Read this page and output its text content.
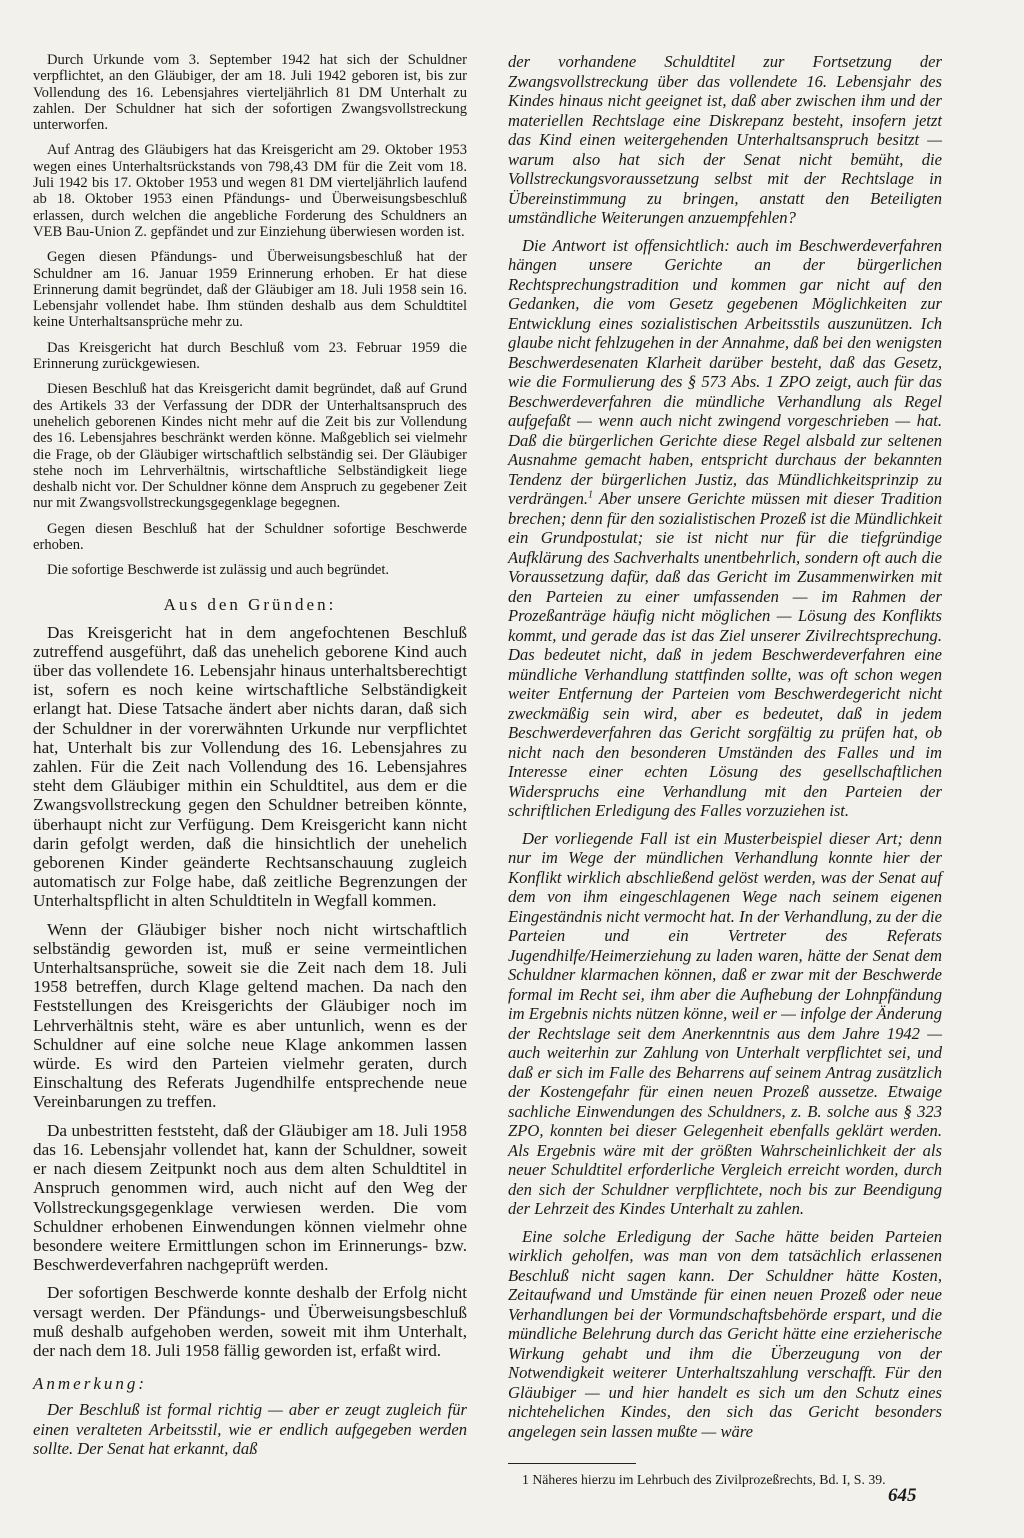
Durch Urkunde vom 3. September 1942 hat sich der Schuldner verpflichtet, an den Gläubiger, der am 18. Juli 1942 geboren ist, bis zur Vollendung des 16. Lebensjahres vierteljährlich 81 DM Unterhalt zu zahlen. Der Schuldner hat sich der sofortigen Zwangsvollstreckung unterworfen.

Auf Antrag des Gläubigers hat das Kreisgericht am 29. Oktober 1953 wegen eines Unterhaltsrückstands von 798,43 DM für die Zeit vom 18. Juli 1942 bis 17. Oktober 1953 und wegen 81 DM vierteljährlich laufend ab 18. Oktober 1953 einen Pfändungs- und Überweisungsbeschluß erlassen, durch welchen die angebliche Forderung des Schuldners an VEB Bau-Union Z. gepfändet und zur Einziehung überwiesen worden ist.

Gegen diesen Pfändungs- und Überweisungsbeschluß hat der Schuldner am 16. Januar 1959 Erinnerung erhoben. Er hat diese Erinnerung damit begründet, daß der Gläubiger am 18. Juli 1958 sein 16. Lebensjahr vollendet habe. Ihm stünden deshalb aus dem Schuldtitel keine Unterhaltsansprüche mehr zu.

Das Kreisgericht hat durch Beschluß vom 23. Februar 1959 die Erinnerung zurückgewiesen.

Diesen Beschluß hat das Kreisgericht damit begründet, daß auf Grund des Artikels 33 der Verfassung der DDR der Unterhaltsanspruch des unehelich geborenen Kindes nicht mehr auf die Zeit bis zur Vollendung des 16. Lebensjahres beschränkt werden könne. Maßgeblich sei vielmehr die Frage, ob der Gläubiger wirtschaftlich selbständig sei. Der Gläubiger stehe noch im Lehrverhältnis, wirtschaftliche Selbständigkeit liege deshalb nicht vor. Der Schuldner könne dem Anspruch zu gegebener Zeit nur mit Zwangsvollstreckungsgegenklage begegnen.

Gegen diesen Beschluß hat der Schuldner sofortige Beschwerde erhoben.

Die sofortige Beschwerde ist zulässig und auch begründet.

Aus den Gründen:

Das Kreisgericht hat in dem angefochtenen Beschluß zutreffend ausgeführt, daß das unehelich geborene Kind auch über das vollendete 16. Lebensjahr hinaus unterhaltsberechtigt ist, sofern es noch keine wirtschaftliche Selbständigkeit erlangt hat. Diese Tatsache ändert aber nichts daran, daß sich der Schuldner in der vorerwähnten Urkunde nur verpflichtet hat, Unterhalt bis zur Vollendung des 16. Lebensjahres zu zahlen. Für die Zeit nach Vollendung des 16. Lebensjahres steht dem Gläubiger mithin ein Schuldtitel, aus dem er die Zwangsvollstreckung gegen den Schuldner betreiben könnte, überhaupt nicht zur Verfügung. Dem Kreisgericht kann nicht darin gefolgt werden, daß die hinsichtlich der unehelich geborenen Kinder geänderte Rechtsanschauung zugleich automatisch zur Folge habe, daß zeitliche Begrenzungen der Unterhaltspflicht in alten Schuldtiteln in Wegfall kommen.

Wenn der Gläubiger bisher noch nicht wirtschaftlich selbständig geworden ist, muß er seine vermeintlichen Unterhaltsansprüche, soweit sie die Zeit nach dem 18. Juli 1958 betreffen, durch Klage geltend machen. Da nach den Feststellungen des Kreisgerichts der Gläubiger noch im Lehrverhältnis steht, wäre es aber untunlich, wenn es der Schuldner auf eine solche neue Klage ankommen lassen würde. Es wird den Parteien vielmehr geraten, durch Einschaltung des Referats Jugendhilfe entsprechende neue Vereinbarungen zu treffen.

Da unbestritten feststeht, daß der Gläubiger am 18. Juli 1958 das 16. Lebensjahr vollendet hat, kann der Schuldner, soweit er nach diesem Zeitpunkt noch aus dem alten Schuldtitel in Anspruch genommen wird, auch nicht auf den Weg der Vollstreckungsgegenklage verwiesen werden. Die vom Schuldner erhobenen Einwendungen können vielmehr ohne besondere weitere Ermittlungen schon im Erinnerungs- bzw. Beschwerdeverfahren nachgeprüft werden.

Der sofortigen Beschwerde konnte deshalb der Erfolg nicht versagt werden. Der Pfändungs- und Überweisungsbeschluß muß deshalb aufgehoben werden, soweit mit ihm Unterhalt, der nach dem 18. Juli 1958 fällig geworden ist, erfaßt wird.

Anmerkung:

Der Beschluß ist formal richtig — aber er zeugt zugleich für einen veralteten Arbeitsstil, wie er endlich aufgegeben werden sollte. Der Senat hat erkannt, daß

der vorhandene Schuldtitel zur Fortsetzung der Zwangsvollstreckung über das vollendete 16. Lebensjahr des Kindes hinaus nicht geeignet ist, daß aber zwischen ihm und der materiellen Rechtslage eine Diskrepanz besteht, insofern jetzt das Kind einen weitergehenden Unterhaltsanspruch besitzt — warum also hat sich der Senat nicht bemüht, die Vollstreckungsvoraussetzung selbst mit der Rechtslage in Übereinstimmung zu bringen, anstatt den Beteiligten umständliche Weiterungen anzuempfehlen?

Die Antwort ist offensichtlich: auch im Beschwerdeverfahren hängen unsere Gerichte an der bürgerlichen Rechtsprechungstradition und kommen gar nicht auf den Gedanken, die vom Gesetz gegebenen Möglichkeiten zur Entwicklung eines sozialistischen Arbeitsstils auszunützen. Ich glaube nicht fehlzugehen in der Annahme, daß bei den wenigsten Beschwerdesenaten Klarheit darüber besteht, daß das Gesetz, wie die Formulierung des § 573 Abs. 1 ZPO zeigt, auch für das Beschwerdeverfahren die mündliche Verhandlung als Regel aufgefaßt — wenn auch nicht zwingend vorgeschrieben — hat. Daß die bürgerlichen Gerichte diese Regel alsbald zur seltenen Ausnahme gemacht haben, entspricht durchaus der bekannten Tendenz der bürgerlichen Justiz, das Mündlichkeitsprinzip zu verdrängen.$^1$ Aber unsere Gerichte müssen mit dieser Tradition brechen; denn für den sozialistischen Prozeß ist die Mündlichkeit ein Grundpostulat; sie ist nicht nur für die tiefgründige Aufklärung des Sachverhalts unentbehrlich, sondern oft auch die Voraussetzung dafür, daß das Gericht im Zusammenwirken mit den Parteien zu einer umfassenden — im Rahmen der Prozeßanträge häufig nicht möglichen — Lösung des Konflikts kommt, und gerade das ist das Ziel unserer Zivilrechtsprechung. Das bedeutet nicht, daß in jedem Beschwerdeverfahren eine mündliche Verhandlung stattfinden sollte, was oft schon wegen weiter Entfernung der Parteien vom Beschwerdegericht nicht zweckmäßig sein wird, aber es bedeutet, daß in jedem Beschwerdeverfahren das Gericht sorgfältig zu prüfen hat, ob nicht nach den besonderen Umständen des Falles und im Interesse einer echten Lösung des gesellschaftlichen Widerspruchs eine Verhandlung mit den Parteien der schriftlichen Erledigung des Falles vorzuziehen ist.

Der vorliegende Fall ist ein Musterbeispiel dieser Art; denn nur im Wege der mündlichen Verhandlung konnte hier der Konflikt wirklich abschließend gelöst werden, was der Senat auf dem von ihm eingeschlagenen Wege nach seinem eigenen Eingeständnis nicht vermocht hat. In der Verhandlung, zu der die Parteien und ein Vertreter des Referats Jugendhilfe/Heimerziehung zu laden waren, hätte der Senat dem Schuldner klarmachen können, daß er zwar mit der Beschwerde formal im Recht sei, ihm aber die Aufhebung der Lohnpfändung im Ergebnis nichts nützen könne, weil er — infolge der Änderung der Rechtslage seit dem Anerkenntnis aus dem Jahre 1942 — auch weiterhin zur Zahlung von Unterhalt verpflichtet sei, und daß er sich im Falle des Beharrens auf seinem Antrag zusätzlich der Kostengefahr für einen neuen Prozeß aussetze. Etwaige sachliche Einwendungen des Schuldners, z. B. solche aus § 323 ZPO, konnten bei dieser Gelegenheit ebenfalls geklärt werden. Als Ergebnis wäre mit der größten Wahrscheinlichkeit der als neuer Schuldtitel erforderliche Vergleich erreicht worden, durch den sich der Schuldner verpflichtete, noch bis zur Beendigung der Lehrzeit des Kindes Unterhalt zu zahlen.

Eine solche Erledigung der Sache hätte beiden Parteien wirklich geholfen, was man von dem tatsächlich erlassenen Beschluß nicht sagen kann. Der Schuldner hätte Kosten, Zeitaufwand und Umstände für einen neuen Prozeß oder neue Verhandlungen bei der Vormundschaftsbehörde erspart, und die mündliche Belehrung durch das Gericht hätte eine erzieherische Wirkung gehabt und ihm die Überzeugung von der Notwendigkeit weiterer Unterhaltszahlung verschafft. Für den Gläubiger — und hier handelt es sich um den Schutz eines nichtehelichen Kindes, den sich das Gericht besonders angelegen sein lassen mußte — wäre

1 Näheres hierzu im Lehrbuch des Zivilprozeßrechts, Bd. I, S. 39.

645
